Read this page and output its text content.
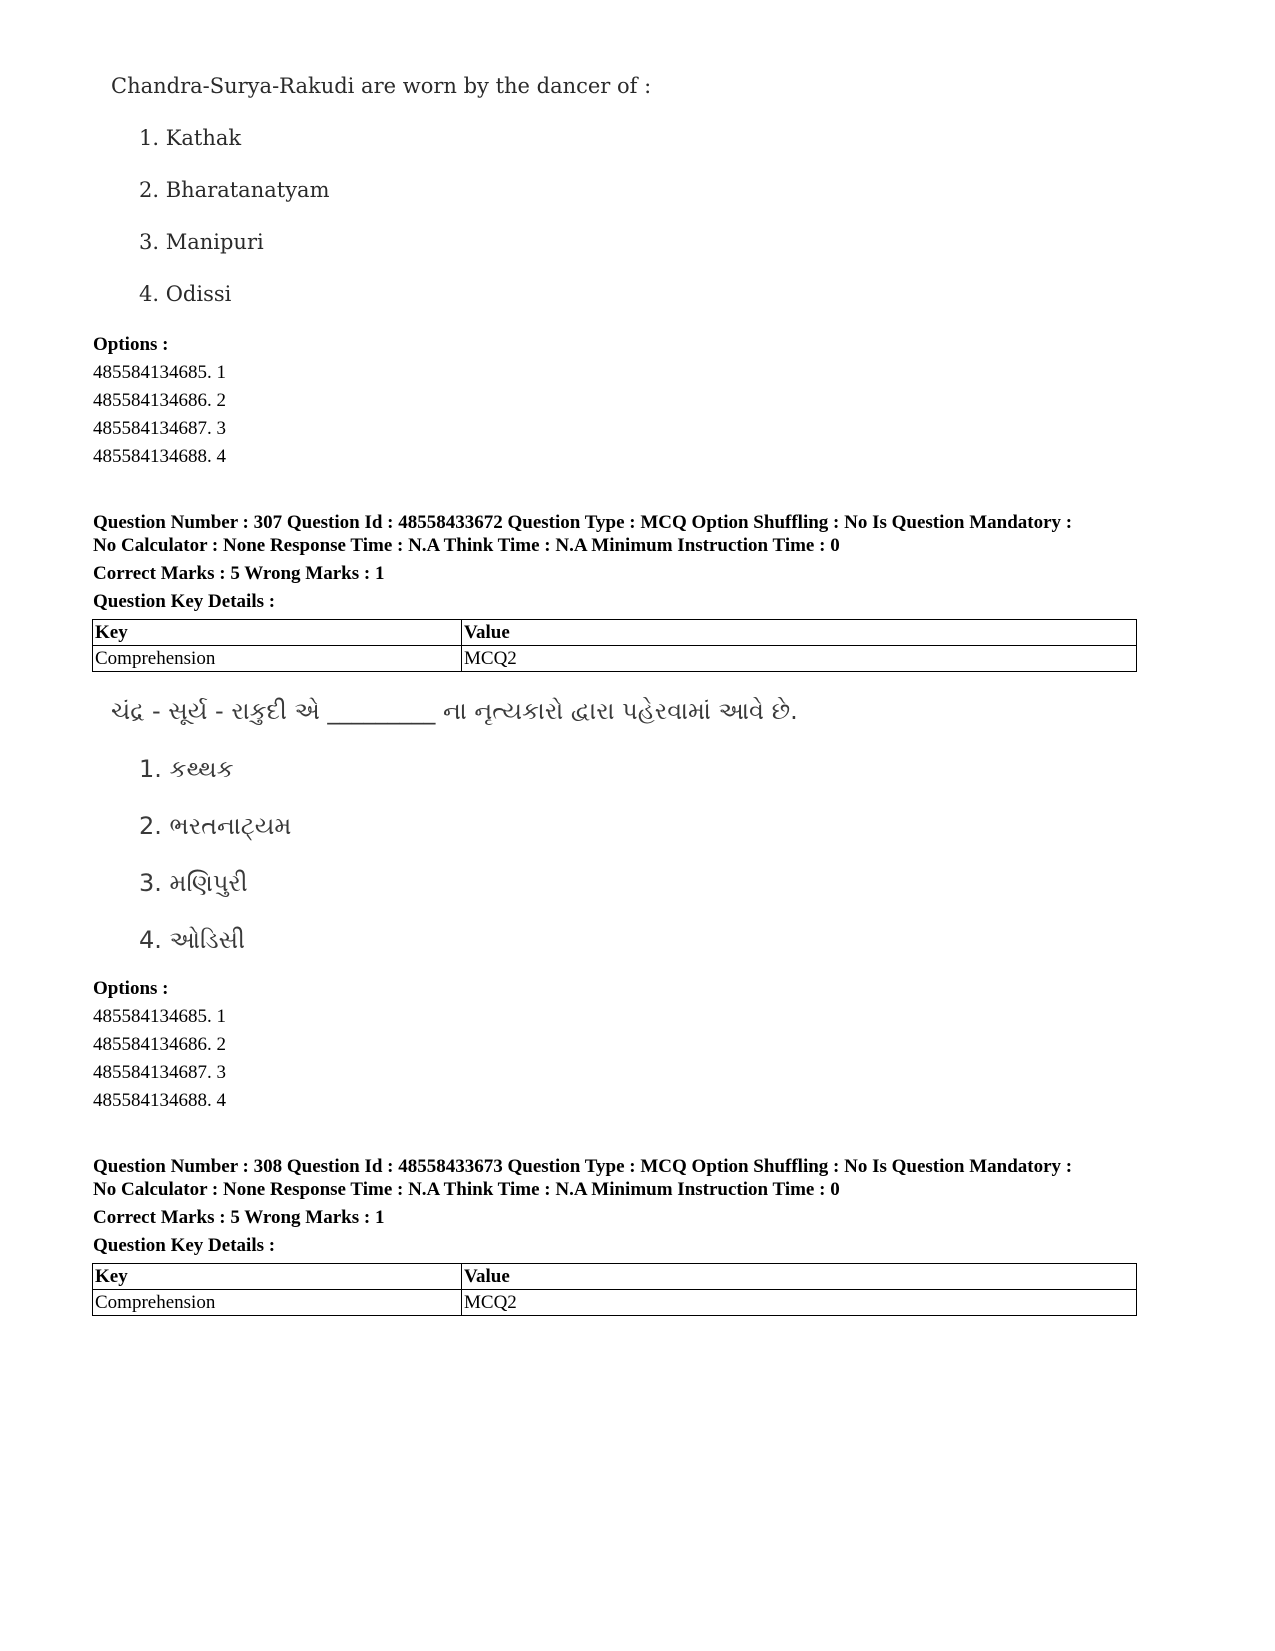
Chandra-Surya-Rakudi are worn by the dancer of :
1. Kathak
2. Bharatanatyam
3. Manipuri
4. Odissi
Options :
485584134685. 1
485584134686. 2
485584134687. 3
485584134688. 4
Question Number : 307 Question Id : 48558433672 Question Type : MCQ Option Shuffling : No Is Question Mandatory :
No Calculator : None Response Time : N.A Think Time : N.A Minimum Instruction Time : 0
Correct Marks : 5 Wrong Marks : 1
Question Key Details :
Key	Value
Comprehension	MCQ2
ચંદ્ર - સૂર્ય - રાકુદી એ _________ ના નૃત્યકારો દ્વારા પહેરવામાં આવે છે.
1. કથ્થક
2. ભરતનાટ્યમ
3. મણિપુરી
4. ઓડિસી
Options :
485584134685. 1
485584134686. 2
485584134687. 3
485584134688. 4
Question Number : 308 Question Id : 48558433673 Question Type : MCQ Option Shuffling : No Is Question Mandatory :
No Calculator : None Response Time : N.A Think Time : N.A Minimum Instruction Time : 0
Correct Marks : 5 Wrong Marks : 1
Question Key Details :
Key	Value
Comprehension	MCQ2
